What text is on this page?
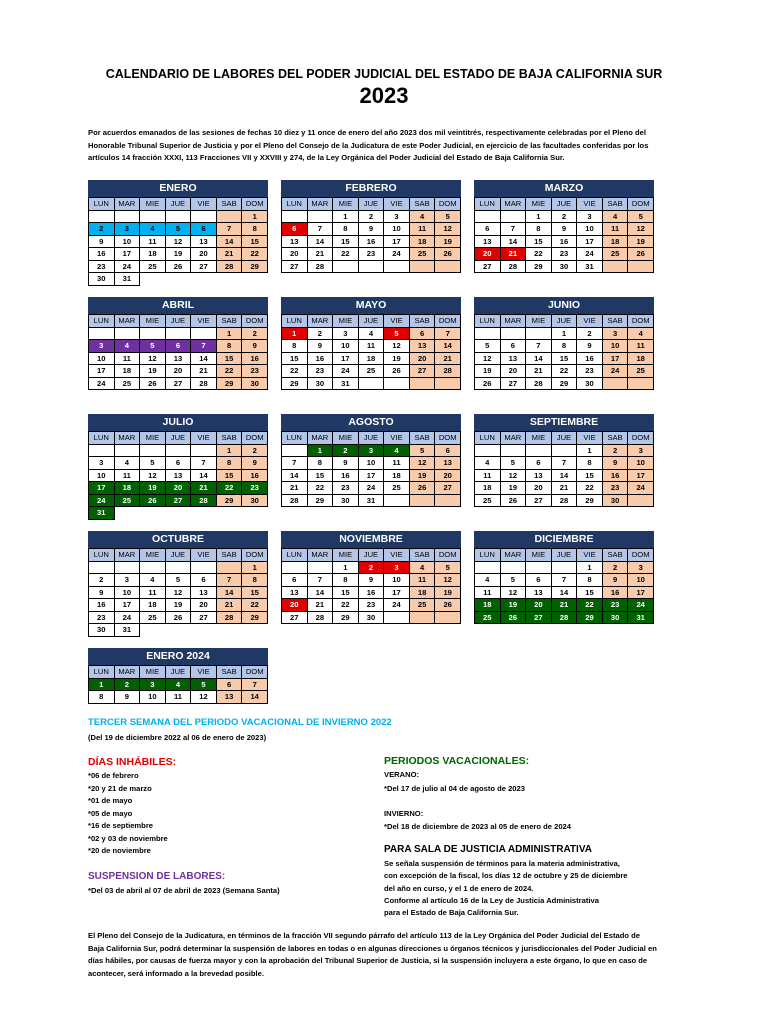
CALENDARIO DE LABORES DEL PODER JUDICIAL DEL ESTADO DE BAJA CALIFORNIA SUR
2023
Por acuerdos emanados de las sesiones de fechas 10 diez y 11 once de enero del año 2023 dos mil veintitrés, respectivamente celebradas por el Pleno del Honorable Tribunal Superior de Justicia y por el Pleno del Consejo de la Judicatura de este Poder Judicial, en ejercicio de las facultades conferidas por los artículos 14 fracción XXXI, 113 Fracciones VII y XXVIII y 274, de la Ley Orgánica del Poder Judicial del Estado de Baja California Sur.
ENERO
LUN	MAR	MIE	JUE	VIE	SAB	DOM
						1
2	3	4	5	6	7	8
9	10	11	12	13	14	15
16	17	18	19	20	21	22
23	24	25	26	27	28	29
30	31					
FEBRERO
LUN	MAR	MIE	JUE	VIE	SAB	DOM
		1	2	3	4	5
6	7	8	9	10	11	12
13	14	15	16	17	18	19
20	21	22	23	24	25	26
27	28					
MARZO
LUN	MAR	MIE	JUE	VIE	SAB	DOM
		1	2	3	4	5
6	7	8	9	10	11	12
13	14	15	16	17	18	19
20	21	22	23	24	25	26
27	28	29	30	31		
ABRIL
LUN	MAR	MIE	JUE	VIE	SAB	DOM
					1	2
3	4	5	6	7	8	9
10	11	12	13	14	15	16
17	18	19	20	21	22	23
24	25	26	27	28	29	30
MAYO
LUN	MAR	MIE	JUE	VIE	SAB	DOM
1	2	3	4	5	6	7
8	9	10	11	12	13	14
15	16	17	18	19	20	21
22	23	24	25	26	27	28
29	30	31				
JUNIO
LUN	MAR	MIE	JUE	VIE	SAB	DOM
			1	2	3	4
5	6	7	8	9	10	11
12	13	14	15	16	17	18
19	20	21	22	23	24	25
26	27	28	29	30		
JULIO
LUN	MAR	MIE	JUE	VIE	SAB	DOM
					1	2
3	4	5	6	7	8	9
10	11	12	13	14	15	16
17	18	19	20	21	22	23
24	25	26	27	28	29	30
31						
AGOSTO
LUN	MAR	MIE	JUE	VIE	SAB	DOM
	1	2	3	4	5	6
7	8	9	10	11	12	13
14	15	16	17	18	19	20
21	22	23	24	25	26	27
28	29	30	31			
SEPTIEMBRE
LUN	MAR	MIE	JUE	VIE	SAB	DOM
				1	2	3
4	5	6	7	8	9	10
11	12	13	14	15	16	17
18	19	20	21	22	23	24
25	26	27	28	29	30	
OCTUBRE
LUN	MAR	MIE	JUE	VIE	SAB	DOM
						1
2	3	4	5	6	7	8
9	10	11	12	13	14	15
16	17	18	19	20	21	22
23	24	25	26	27	28	29
30	31					
NOVIEMBRE
LUN	MAR	MIE	JUE	VIE	SAB	DOM
		1	2	3	4	5
6	7	8	9	10	11	12
13	14	15	16	17	18	19
20	21	22	23	24	25	26
27	28	29	30			
DICIEMBRE
LUN	MAR	MIE	JUE	VIE	SAB	DOM
				1	2	3
4	5	6	7	8	9	10
11	12	13	14	15	16	17
18	19	20	21	22	23	24
25	26	27	28	29	30	31
ENERO 2024
LUN	MAR	MIE	JUE	VIE	SAB	DOM
1	2	3	4	5	6	7
8	9	10	11	12	13	14
TERCER SEMANA DEL PERIODO VACACIONAL DE INVIERNO 2022
(Del 19 de diciembre 2022 al 06 de enero de 2023)
DÍAS INHÁBILES:
*06 de febrero
*20 y 21 de marzo
*01 de mayo
*05 de mayo
*16 de septiembre
*02 y 03 de noviembre
*20 de noviembre
SUSPENSION DE LABORES:
*Del 03 de abril al 07 de abril de 2023 (Semana Santa)
PERIODOS VACACIONALES:
VERANO:
*Del 17 de julio al 04 de agosto de 2023
INVIERNO:
*Del 18 de diciembre de 2023 al 05 de enero de 2024
PARA SALA DE JUSTICIA ADMINISTRATIVA
Se señala suspensión de términos para la materia administrativa,
con excepción de la fiscal, los días 12 de octubre y 25 de diciembre
del año en curso, y el 1 de enero de 2024.
Conforme al artículo 16 de la Ley de Justicia Administrativa
para el Estado de Baja California Sur.
El Pleno del Consejo de la Judicatura, en términos de la fracción VII segundo párrafo del artículo 113 de la Ley Orgánica del Poder Judicial del Estado de Baja California Sur, podrá determinar la suspensión de labores en todas o en algunas direcciones u órganos técnicos y jurisdiccionales del Poder Judicial en días hábiles, por causas de fuerza mayor y con la aprobación del Tribunal Superior de Justicia, si la suspensión incluyera a este órgano, lo que en caso de acontecer, será informado a la brevedad posible.
